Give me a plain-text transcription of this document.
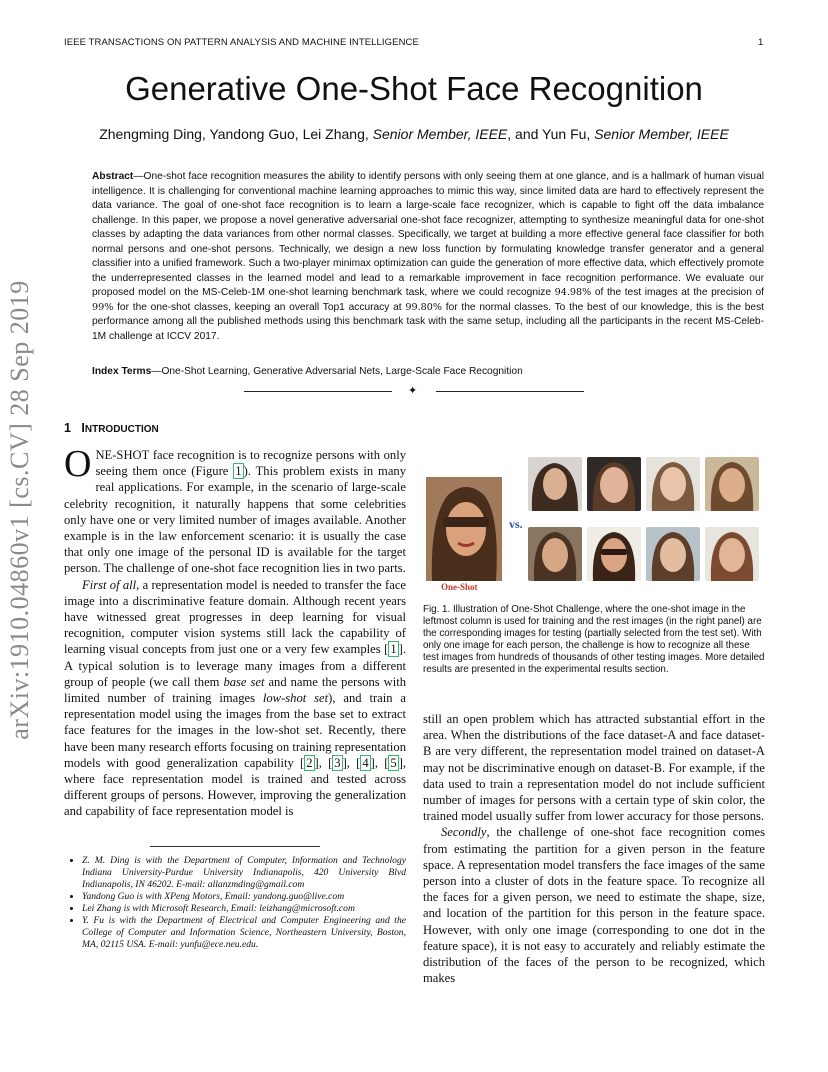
IEEE TRANSACTIONS ON PATTERN ANALYSIS AND MACHINE INTELLIGENCE	1
Generative One-Shot Face Recognition
Zhengming Ding, Yandong Guo, Lei Zhang, Senior Member, IEEE, and Yun Fu, Senior Member, IEEE
Abstract—One-shot face recognition measures the ability to identify persons with only seeing them at one glance, and is a hallmark of human visual intelligence. It is challenging for conventional machine learning approaches to mimic this way, since limited data are hard to effectively represent the data variance. The goal of one-shot face recognition is to learn a large-scale face recognizer, which is capable to fight off the data imbalance challenge. In this paper, we propose a novel generative adversarial one-shot face recognizer, attempting to synthesize meaningful data for one-shot classes by adapting the data variances from other normal classes. Specifically, we target at building a more effective general face classifier for both normal persons and one-shot persons. Technically, we design a new loss function by formulating knowledge transfer generator and a general classifier into a unified framework. Such a two-player minimax optimization can guide the generation of more effective data, which effectively promote the underrepresented classes in the learned model and lead to a remarkable improvement in face recognition performance. We evaluate our proposed model on the MS-Celeb-1M one-shot learning benchmark task, where we could recognize 94.98% of the test images at the precision of 99% for the one-shot classes, keeping an overall Top1 accuracy at 99.80% for the normal classes. To the best of our knowledge, this is the best performance among all the published methods using this benchmark task with the same setup, including all the participants in the recent MS-Celeb-1M challenge at ICCV 2017.
Index Terms—One-Shot Learning, Generative Adversarial Nets, Large-Scale Face Recognition
✦
arXiv:1910.04860v1 [cs.CV] 28 Sep 2019 1 INTRODUCTION

ONE-SHOT face recognition is to recognize persons with only seeing them once (Figure 1 ). This problem exists in many real applications. For example, in the scenario of large-scale celebrity recognition, it naturally happens that some celebrities only have one or very limited number of images available. Another example is in the law enforcement scenario: it is usually the case that only one image of the personal ID is available for the target person. The challenge of one-shot face recognition lies in two parts.

First of all, a representation model is needed to transfer the face image into a discriminative feature domain. Although recent years have witnessed great progresses in deep learning for visual recognition, computer vision systems still lack the capability of learning visual concepts from just one or a very few examples [ 1 ]. A typical solution is to leverage many images from a different group of people (we call them base set and name the persons with limited number of training images low-shot set), and train a representation model using the images from the base set to extract face features for the images in the low-shot set. Recently, there have been many research efforts focusing on training representation models with good generalization capability [ 2 ], [ 3 ], [ 4 ], [ 5 ], where face representation model is trained and tested across different groups of persons. However, improving the generalization and capability of face representation model is

• Z. M. Ding is with the Department of Computer, Information and Technology Indiana University-Purdue University Indianapolis, 420 University Blvd Indianapolis, IN 46202. E-mail: allanzmding@gmail.com
• Yandong Guo is with XPeng Motors, Email: yandong.guo@live.com
• Lei Zhang is with Microsoft Research, Email: leizhang@microsoft.com
• Y. Fu is with the Department of Electrical and Computer Engineering and the College of Computer and Information Science, Northeastern University, Boston, MA, 02115 USA. E-mail: yunfu@ece.neu.edu.
vs.
One-Shot
Fig. 1. Illustration of One-Shot Challenge, where the one-shot image in the leftmost column is used for training and the rest images (in the right panel) are the corresponding images for testing (partially selected from the test set). With only one image for each person, the challenge is how to recognize all these test images from hundreds of thousands of other testing images. More detailed results are presented in the experimental results section.

still an open problem which has attracted substantial effort in the area. When the distributions of the face dataset-A and face dataset-B are very different, the representation model trained on dataset-A may not be discriminative enough on dataset-B. For example, if the data used to train a representation model do not include sufficient number of images for persons with a certain type of skin color, the trained model usually suffer from lower accuracy for those persons.

Secondly, the challenge of one-shot face recognition comes from estimating the partition for a given person in the feature space. A representation model transfers the face images of the same person into a cluster of dots in the feature space. To recognize all the faces for a given person, we need to estimate the shape, size, and location of the partition for this person in the feature space. However, with only one image (corresponding to one dot in the feature space), it is not easy to accurately and reliably estimate the distribution of the faces of the person to be recognized, which makes
